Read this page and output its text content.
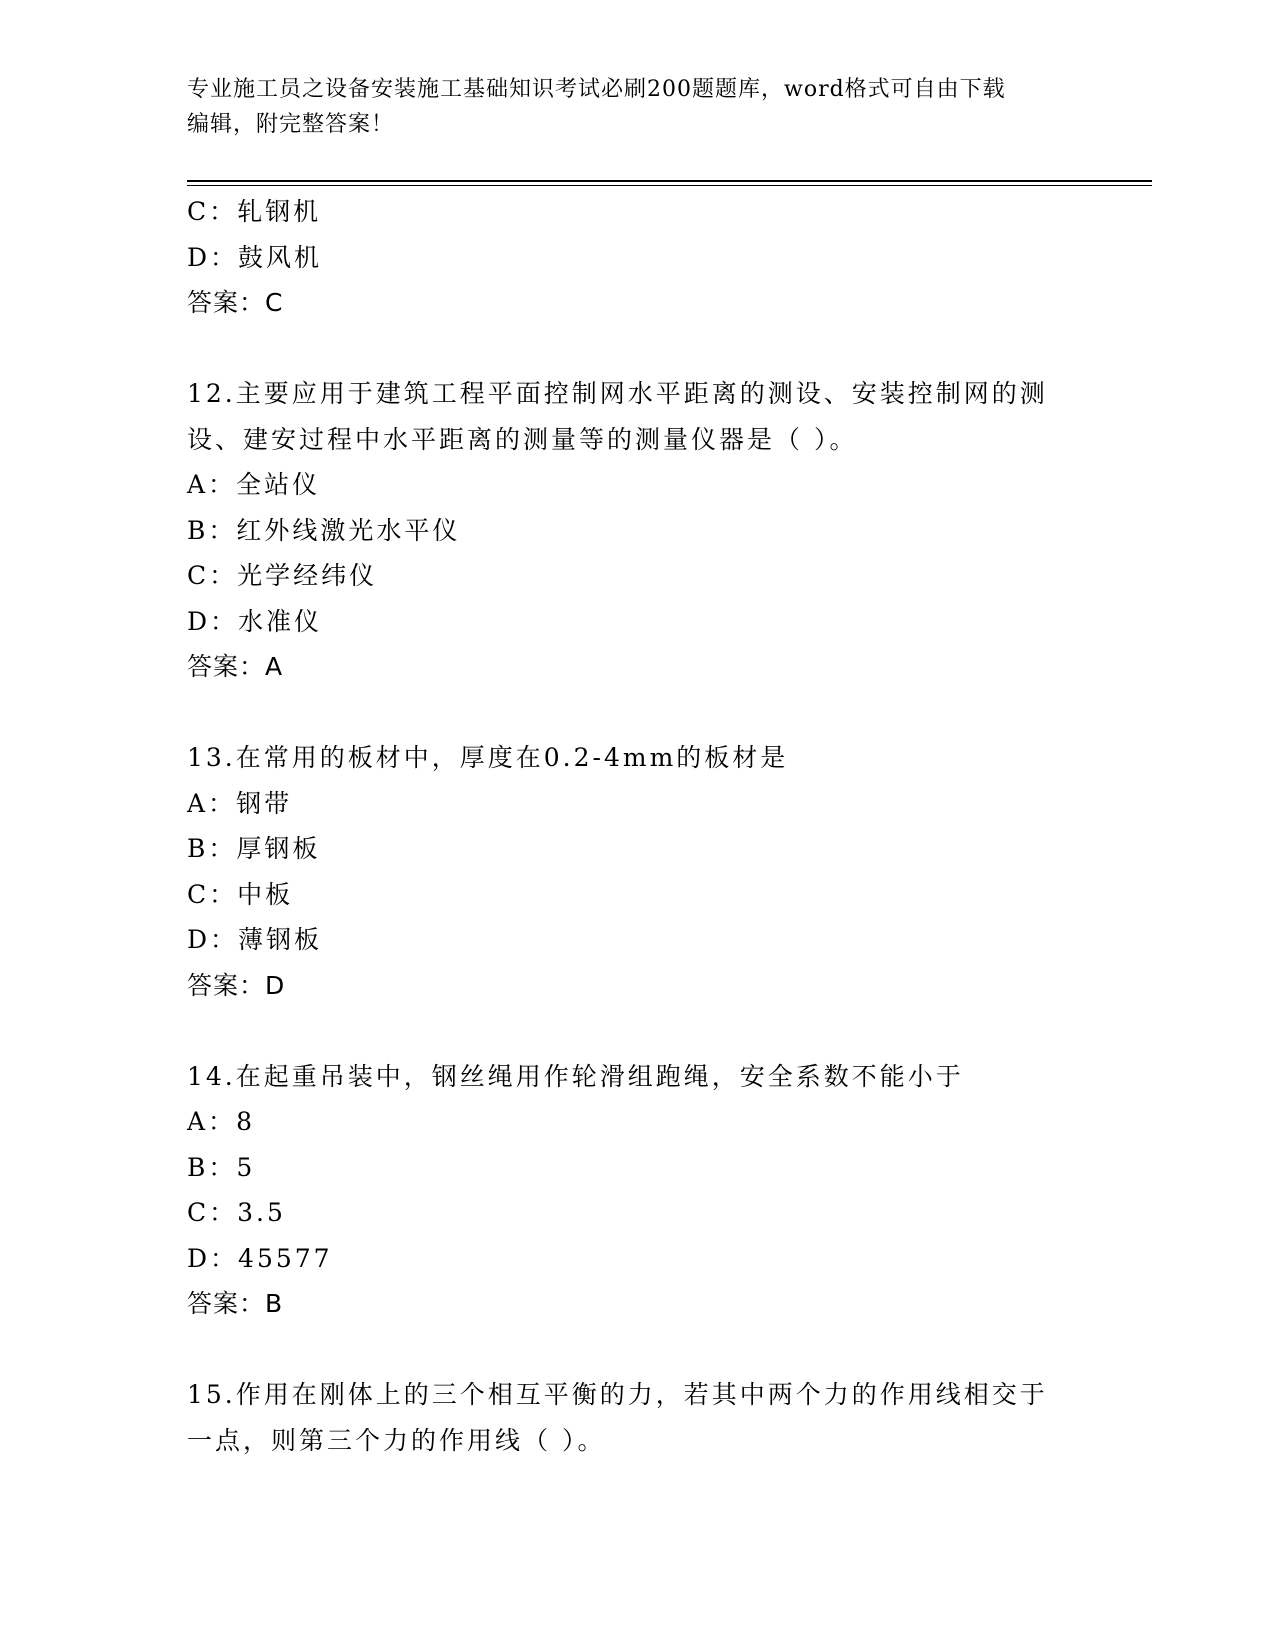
专业施工员之设备安装施工基础知识考试必刷200题题库，word格式可自由下载
编辑，附完整答案！
C：轧钢机
D：鼓风机
答案：C
12.主要应用于建筑工程平面控制网水平距离的测设、安装控制网的测
设、建安过程中水平距离的测量等的测量仪器是（ ）。
A：全站仪
B：红外线激光水平仪
C：光学经纬仪
D：水准仪
答案：A
13.在常用的板材中，厚度在0.2-4mm的板材是
A：钢带
B：厚钢板
C：中板
D：薄钢板
答案：D
14.在起重吊装中，钢丝绳用作轮滑组跑绳，安全系数不能小于
A：8
B：5
C：3.5
D：45577
答案：B
15.作用在刚体上的三个相互平衡的力，若其中两个力的作用线相交于
一点，则第三个力的作用线（ ）。
